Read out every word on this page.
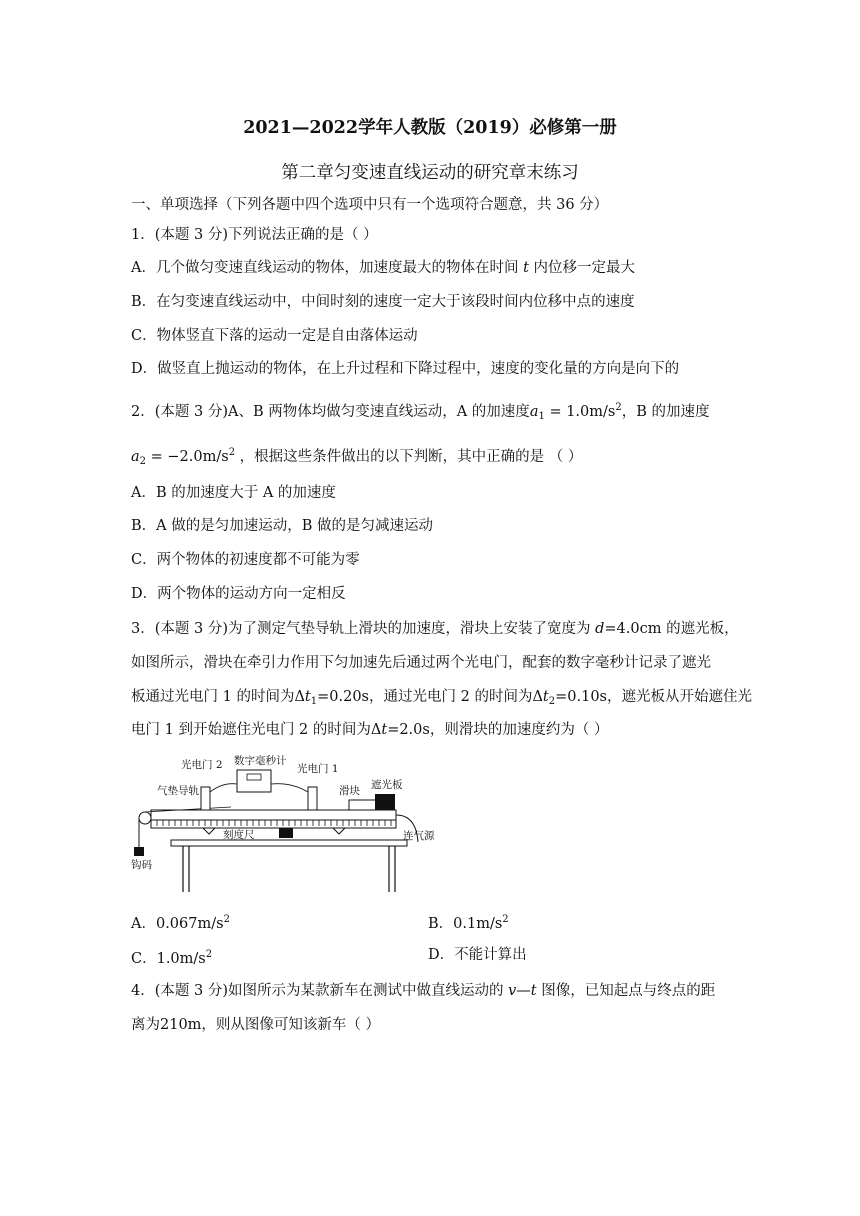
2021—2022学年人教版（2019）必修第一册
第二章匀变速直线运动的研究章末练习
一、单项选择（下列各题中四个选项中只有一个选项符合题意，共 36 分）
1．(本题 3 分)下列说法正确的是（ ）
A．几个做匀变速直线运动的物体，加速度最大的物体在时间 t 内位移一定最大
B．在匀变速直线运动中，中间时刻的速度一定大于该段时间内位移中点的速度
C．物体竖直下落的运动一定是自由落体运动
D．做竖直上抛运动的物体，在上升过程和下降过程中，速度的变化量的方向是向下的
2．(本题 3 分)A、B 两物体均做匀变速直线运动，A 的加速度$a_1 = 1.0m/s^2$，B 的加速度
$a_2 = -2.0m/s^2$ ，根据这些条件做出的以下判断，其中正确的是 （ ）
A．B 的加速度大于 A 的加速度
B．A 做的是匀加速运动，B 做的是匀减速运动
C．两个物体的初速度都不可能为零
D．两个物体的运动方向一定相反
3．(本题 3 分)为了测定气垫导轨上滑块的加速度，滑块上安装了宽度为 d=4.0cm 的遮光板，
如图所示，滑块在牵引力作用下匀加速先后通过两个光电门，配套的数字毫秒计记录了遮光
板通过光电门 1 的时间为$\Delta t_1=0.20s$，通过光电门 2 的时间为$\Delta t_2=0.10s$，遮光板从开始遮住光
电门 1 到开始遮住光电门 2 的时间为Δt=2.0s，则滑块的加速度约为（ ）
光电门 2 数字毫秒计
光电门 1
气垫导轨	滑块 遮光板
刻度尺	连气源
钩码
A．$0.067m/s^2$	B．$0.1m/s^2$
C．$1.0m/s^2$	D．不能计算出
4．(本题 3 分)如图所示为某款新车在测试中做直线运动的 v—t 图像，已知起点与终点的距
离为210m，则从图像可知该新车（ ）
